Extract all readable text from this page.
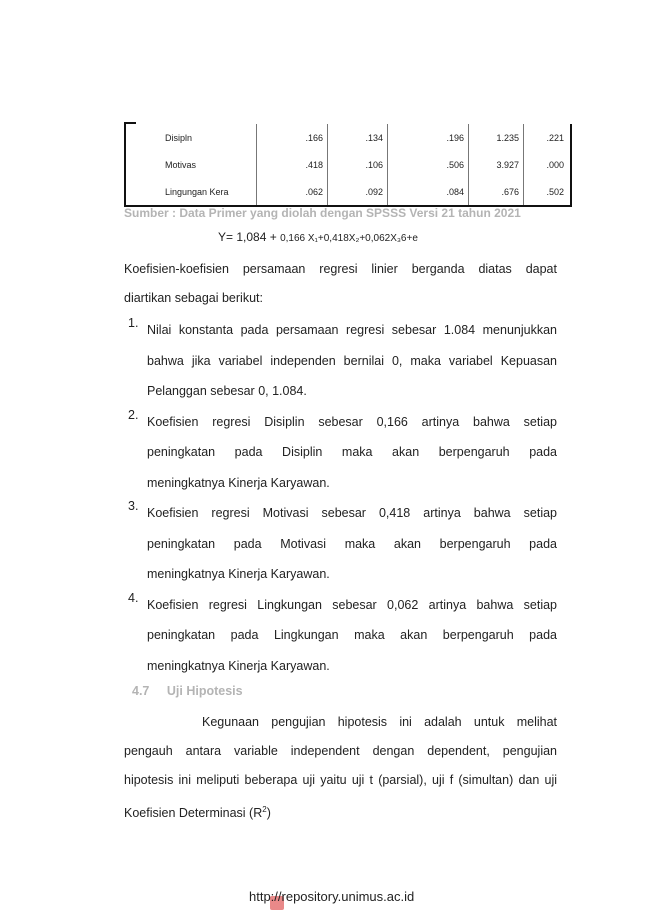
Disipln	.166	.134	.196	1.235	.221
Motivas	.418	.106	.506	3.927	.000
Lingungan Kera	.062	.092	.084	.676	.502
Sumber : Data Primer yang diolah dengan SPSSS Versi 21 tahun 2021
Y= 1,084 + 0,166 X₁+0,418X₂+0,062X₃6+e
Koefisien-koefisien persamaan regresi linier berganda diatas dapat
diartikan sebagai berikut:
1. Nilai konstanta pada persamaan regresi sebesar 1.084 menunjukkan
bahwa jika variabel independen bernilai 0, maka variabel Kepuasan
Pelanggan sebesar 0, 1.084.
2. Koefisien regresi Disiplin sebesar 0,166 artinya bahwa setiap
peningkatan pada Disiplin maka akan berpengaruh pada
meningkatnya Kinerja Karyawan.
3. Koefisien regresi Motivasi sebesar 0,418 artinya bahwa setiap
peningkatan pada Motivasi maka akan berpengaruh pada
meningkatnya Kinerja Karyawan.
4. Koefisien regresi Lingkungan sebesar 0,062 artinya bahwa setiap
peningkatan pada Lingkungan maka akan berpengaruh pada
meningkatnya Kinerja Karyawan.
4.7 Uji Hipotesis
Kegunaan pengujian hipotesis ini adalah untuk melihat
pengauh antara variable independent dengan dependent, pengujian
hipotesis ini meliputi beberapa uji yaitu uji t (parsial), uji f (simultan) dan uji
Koefisien Determinasi $(R^2)$
http://repository.unimus.ac.id
